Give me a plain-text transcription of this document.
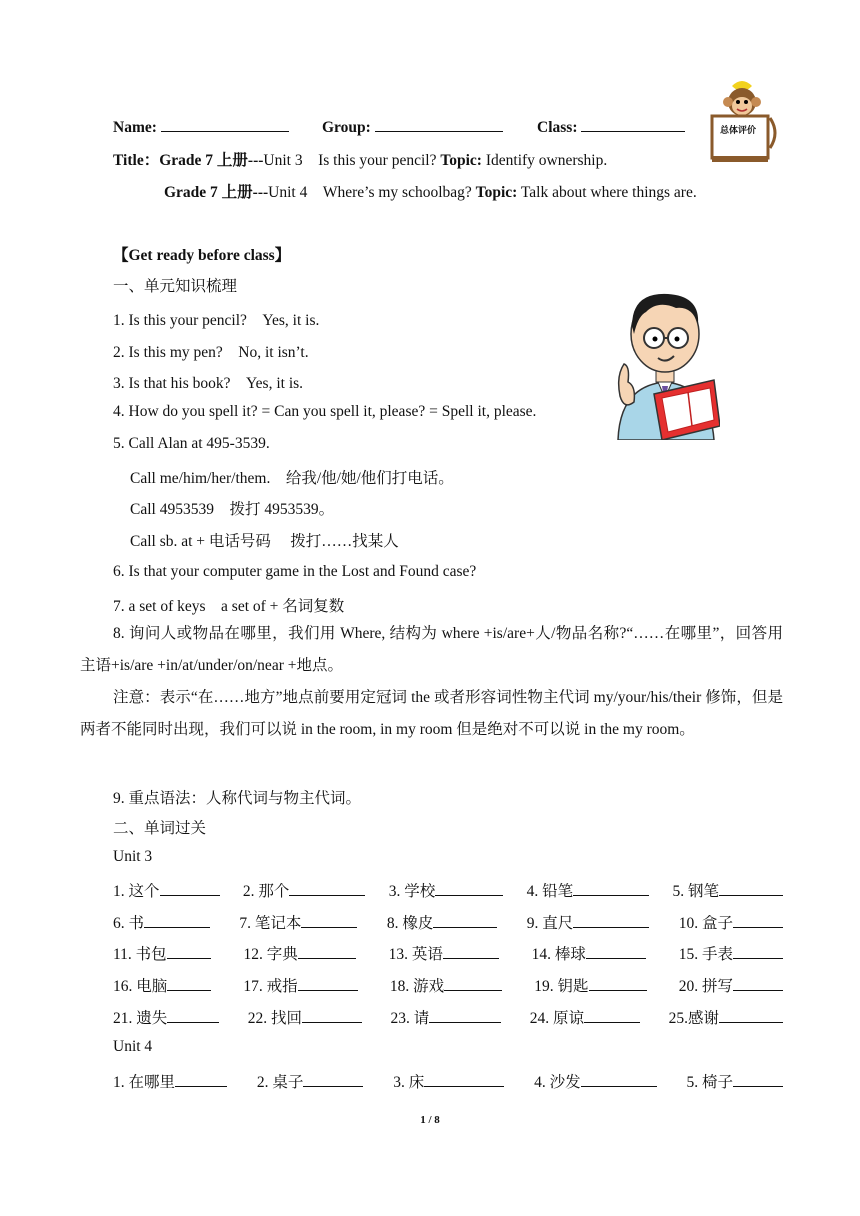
Name:	Group:	Class:
Title：Grade 7 上册---Unit 3　Is this your pencil? Topic: Identify ownership.
Grade 7 上册---Unit 4　Where’s my schoolbag? Topic: Talk about where things are.
总体评价
【Get ready before class】
一、单元知识梳理
1. Is this your pencil?　Yes, it is.
2. Is this my pen?　No, it isn’t.
3. Is that his book?　Yes, it is.
4. How do you spell it? = Can you spell it, please? = Spell it, please.
5. Call Alan at 495-3539.
Call me/him/her/them.　给我/他/她/他们打电话。
Call 4953539　拨打 4953539。
Call sb. at + 电话号码　 拨打……找某人
6. Is that your computer game in the Lost and Found case?
7. a set of keys　a set of + 名词复数
8. 询问人或物品在哪里，我们用 Where, 结构为 where +is/are+人/物品名称?“……在哪里”，回答用主语+is/are +in/at/under/on/near +地点。
注意：表示“在……地方”地点前要用定冠词 the 或者形容词性物主代词 my/your/his/their 修饰，但是两者不能同时出现，我们可以说 in the room, in my room 但是绝对不可以说 in the my room。
9. 重点语法：人称代词与物主代词。
二、单词过关
Unit 3
1. 这个	2. 那个	3. 学校	4. 铅笔	5. 钢笔
6. 书	7. 笔记本	8. 橡皮	9. 直尺	10. 盒子
11. 书包	12. 字典	13. 英语	14. 棒球	15. 手表
16. 电脑	17. 戒指	18. 游戏	19. 钥匙	20. 拼写
21. 遗失	22. 找回	23. 请	24. 原谅	25.感谢
Unit 4
1. 在哪里	2. 桌子	3. 床	4. 沙发	5. 椅子
1 / 8
